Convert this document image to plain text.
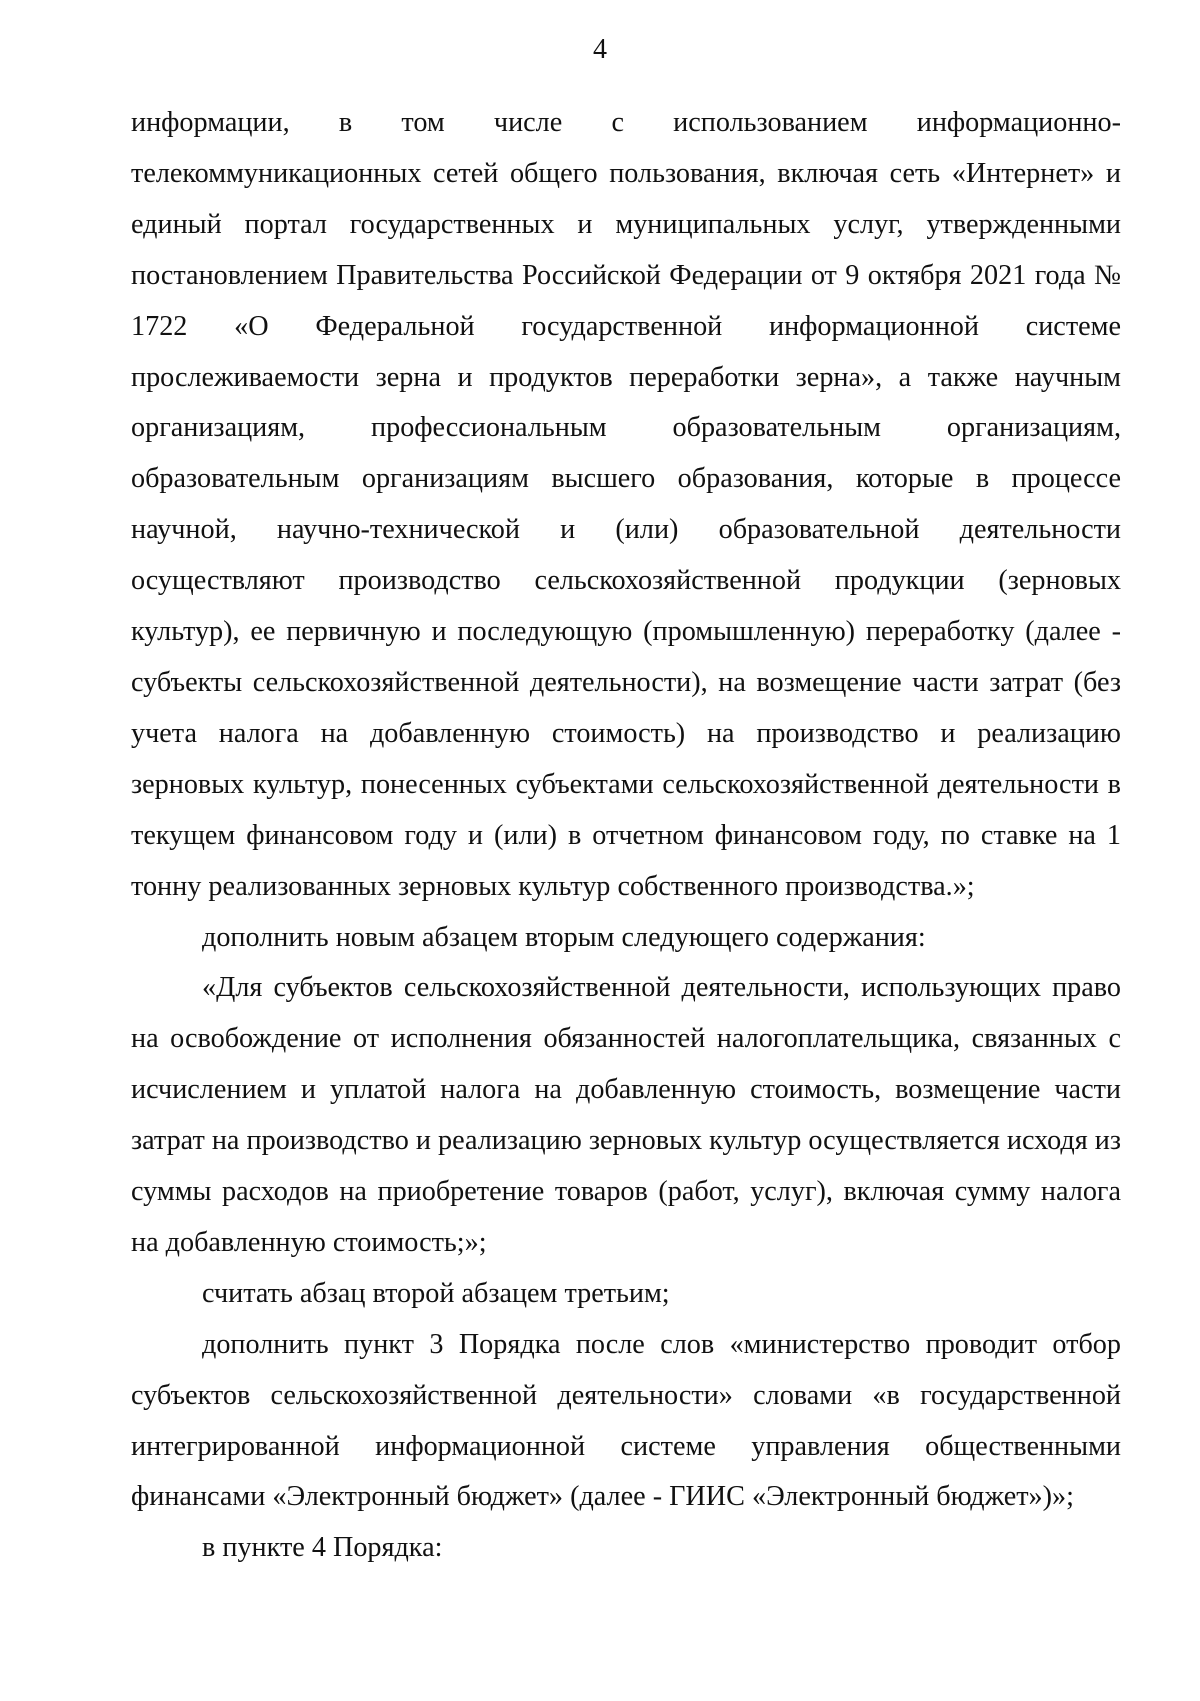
4

информации, в том числе с использованием информационно-телекоммуникационных сетей общего пользования, включая сеть «Интернет» и единый портал государственных и муниципальных услуг, утвержденными постановлением Правительства Российской Федерации от 9 октября 2021 года № 1722 «О Федеральной государственной информационной системе прослеживаемости зерна и продуктов переработки зерна», а также научным организациям, профессиональным образовательным организациям, образовательным организациям высшего образования, которые в процессе научной, научно-технической и (или) образовательной деятельности осуществляют производство сельскохозяйственной продукции (зерновых культур), ее первичную и последующую (промышленную) переработку (далее - субъекты сельскохозяйственной деятельности), на возмещение части затрат (без учета налога на добавленную стоимость) на производство и реализацию зерновых культур, понесенных субъектами сельскохозяйственной деятельности в текущем финансовом году и (или) в отчетном финансовом году, по ставке на 1 тонну реализованных зерновых культур собственного производства.»;

дополнить новым абзацем вторым следующего содержания:

«Для субъектов сельскохозяйственной деятельности, использующих право на освобождение от исполнения обязанностей налогоплательщика, связанных с исчислением и уплатой налога на добавленную стоимость, возмещение части затрат на производство и реализацию зерновых культур осуществляется исходя из суммы расходов на приобретение товаров (работ, услуг), включая сумму налога на добавленную стоимость;»;

считать абзац второй абзацем третьим;

дополнить пункт 3 Порядка после слов «министерство проводит отбор субъектов сельскохозяйственной деятельности» словами «в государственной интегрированной информационной системе управления общественными финансами «Электронный бюджет» (далее - ГИИС «Электронный бюджет»)»;

в пункте 4 Порядка:
